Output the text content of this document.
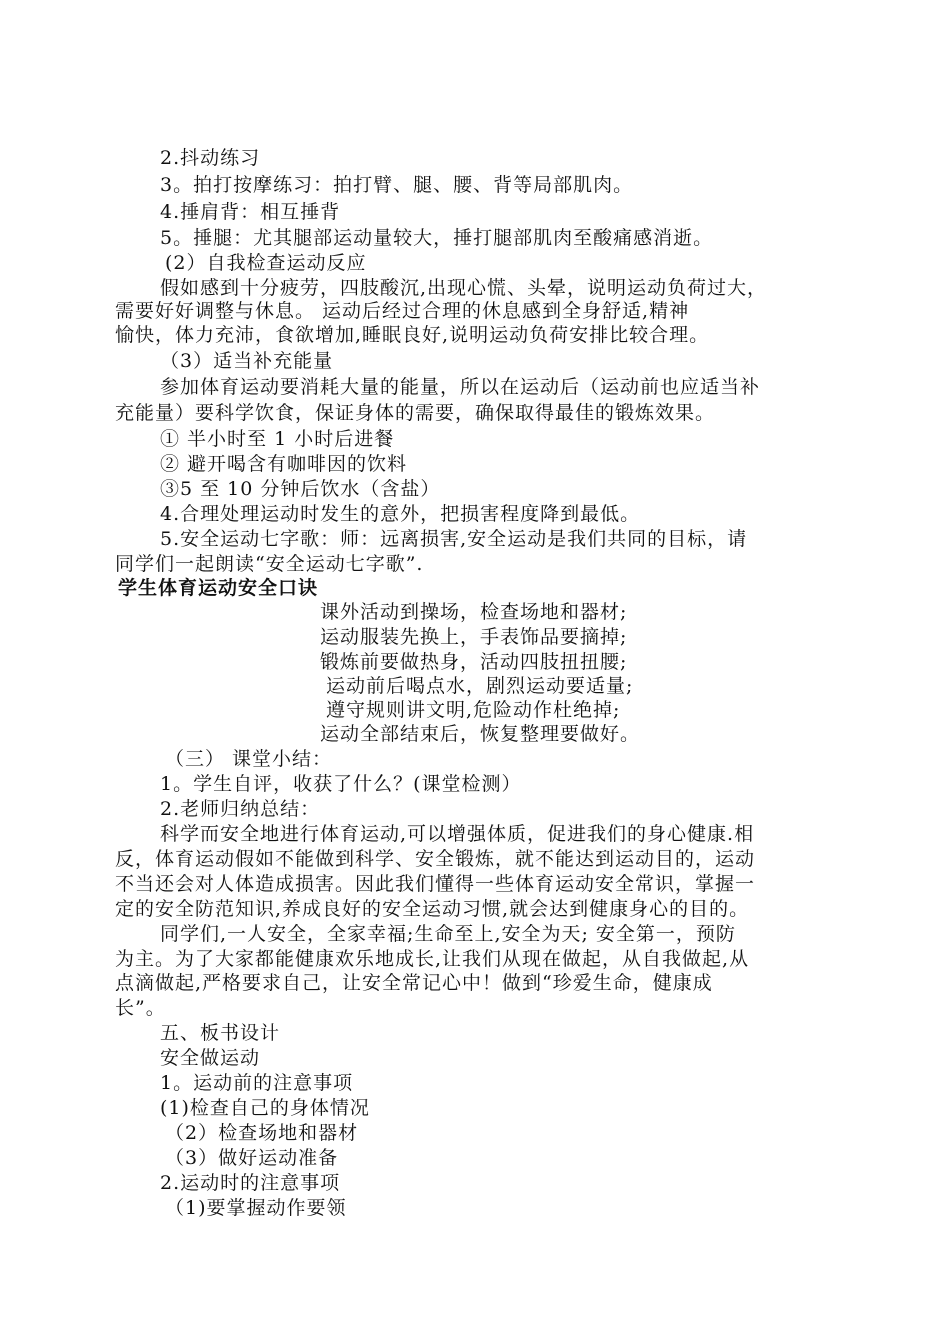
2.抖动练习
3。拍打按摩练习：拍打臂、腿、腰、背等局部肌肉。
4.捶肩背：相互捶背
5。捶腿：尤其腿部运动量较大，捶打腿部肌肉至酸痛感消逝。
(2）自我检查运动反应
假如感到十分疲劳，四肢酸沉,出现心慌、头晕，说明运动负荷过大，
需要好好调整与休息。 运动后经过合理的休息感到全身舒适,精神
愉快，体力充沛，食欲增加,睡眠良好,说明运动负荷安排比较合理。
（3）适当补充能量
参加体育运动要消耗大量的能量，所以在运动后（运动前也应适当补
充能量）要科学饮食，保证身体的需要，确保取得最佳的锻炼效果。
① 半小时至 1 小时后进餐
② 避开喝含有咖啡因的饮料
③5 至 10 分钟后饮水（含盐）
4.合理处理运动时发生的意外，把损害程度降到最低。
5.安全运动七字歌：师：远离损害,安全运动是我们共同的目标，请
同学们一起朗读“安全运动七字歌”.
学生体育运动安全口诀
课外活动到操场，检查场地和器材;
运动服装先换上，手表饰品要摘掉;
锻炼前要做热身，活动四肢扭扭腰;
运动前后喝点水，剧烈运动要适量;
遵守规则讲文明,危险动作杜绝掉;
运动全部结束后，恢复整理要做好。
（三） 课堂小结：
1。学生自评，收获了什么？(课堂检测）
2.老师归纳总结：
科学而安全地进行体育运动,可以增强体质，促进我们的身心健康.相
反，体育运动假如不能做到科学、安全锻炼，就不能达到运动目的，运动
不当还会对人体造成损害。因此我们懂得一些体育运动安全常识，掌握一
定的安全防范知识,养成良好的安全运动习惯,就会达到健康身心的目的。
同学们,一人安全，全家幸福;生命至上,安全为天; 安全第一，预防
为主。为了大家都能健康欢乐地成长,让我们从现在做起，从自我做起,从
点滴做起,严格要求自己，让安全常记心中！做到“珍爱生命，健康成
长”。
五、板书设计
安全做运动
1。运动前的注意事项
(1)检查自己的身体情况
（2）检查场地和器材
（3）做好运动准备
2.运动时的注意事项
（1)要掌握动作要领
